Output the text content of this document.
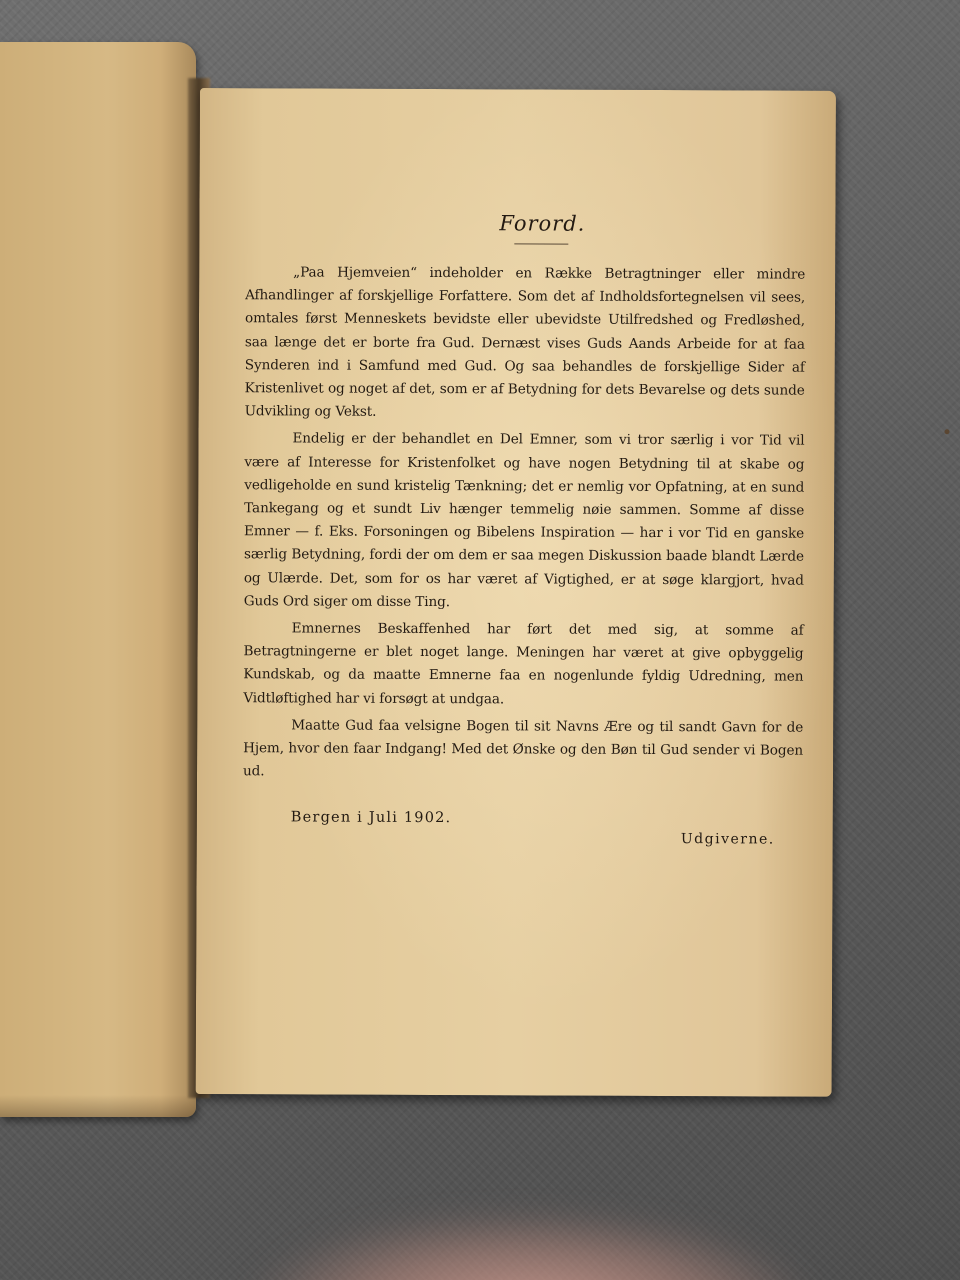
Forord.

„Paa Hjemveien“ indeholder en Række Betragtninger eller mindre Afhandlinger af forskjellige Forfattere. Som det af Indholdsfortegnelsen vil sees, omtales først Menneskets bevidste eller ubevidste Utilfredshed og Fredløshed, saa længe det er borte fra Gud. Dernæst vises Guds Aands Arbeide for at faa Synderen ind i Samfund med Gud. Og saa behandles de forskjellige Sider af Kristenlivet og noget af det, som er af Betydning for dets Bevarelse og dets sunde Udvikling og Vekst.

Endelig er der behandlet en Del Emner, som vi tror særlig i vor Tid vil være af Interesse for Kristenfolket og have nogen Betydning til at skabe og vedligeholde en sund kristelig Tænkning; det er nemlig vor Opfatning, at en sund Tankegang og et sundt Liv hænger temmelig nøie sammen. Somme af disse Emner — f. Eks. Forsoningen og Bibelens Inspiration — har i vor Tid en ganske særlig Betydning, fordi der om dem er saa megen Diskussion baade blandt Lærde og Ulærde. Det, som for os har været af Vigtighed, er at søge klargjort, hvad Guds Ord siger om disse Ting.

Emnernes Beskaffenhed har ført det med sig, at somme af Betragtningerne er blet noget lange. Meningen har været at give opbyggelig Kundskab, og da maatte Emnerne faa en nogenlunde fyldig Udredning, men Vidtløftighed har vi forsøgt at undgaa.

Maatte Gud faa velsigne Bogen til sit Navns Ære og til sandt Gavn for de Hjem, hvor den faar Indgang! Med det Ønske og den Bøn til Gud sender vi Bogen ud.

Bergen i Juli 1902.
Udgiverne.
